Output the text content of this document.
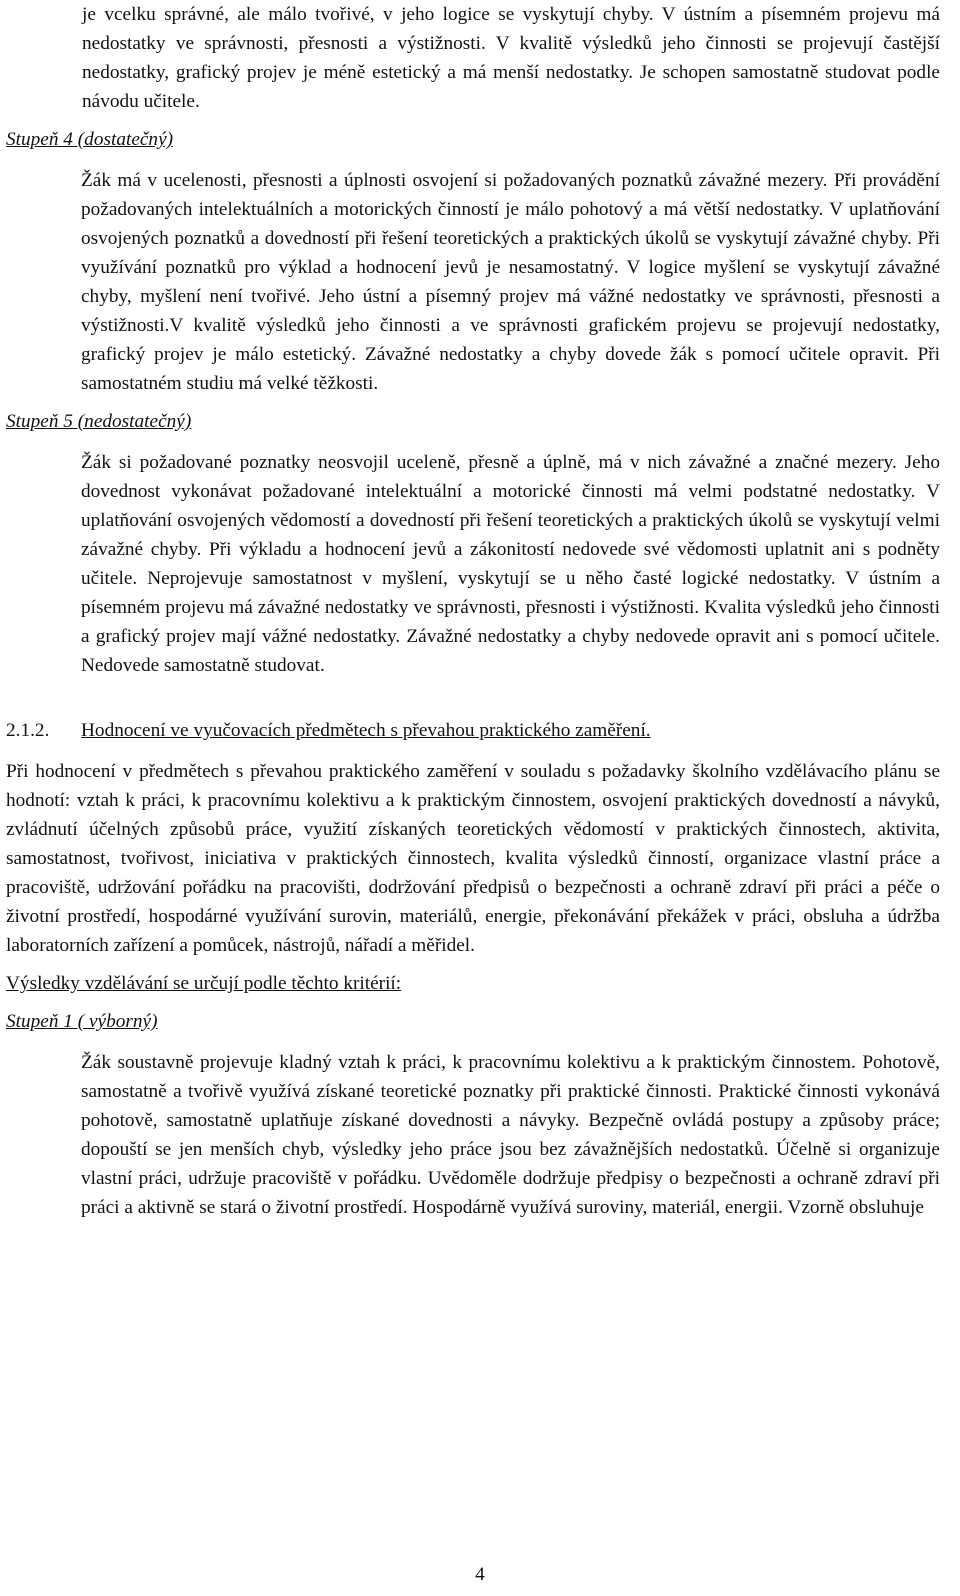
je vcelku správné, ale málo tvořivé, v jeho logice se vyskytují chyby. V ústním a písemném projevu má nedostatky ve správnosti, přesnosti a výstižnosti. V kvalitě výsledků jeho činnosti se projevují častější nedostatky, grafický projev je méně estetický a má menší nedostatky. Je schopen samostatně studovat podle návodu učitele.

Stupeň 4 (dostatečný)

Žák má v ucelenosti, přesnosti a úplnosti osvojení si požadovaných poznatků závažné mezery. Při provádění požadovaných intelektuálních a motorických činností je málo pohotový a má větší nedostatky. V uplatňování osvojených poznatků a dovedností při řešení teoretických a praktických úkolů se vyskytují závažné chyby. Při využívání poznatků pro výklad a hodnocení jevů je nesamostatný. V logice myšlení se vyskytují závažné chyby, myšlení není tvořivé. Jeho ústní a písemný projev má vážné nedostatky ve správnosti, přesnosti a výstižnosti.V kvalitě výsledků jeho činnosti a ve správnosti grafickém projevu se projevují nedostatky, grafický projev je málo estetický. Závažné nedostatky a chyby dovede žák s pomocí učitele opravit. Při samostatném studiu má velké těžkosti.

Stupeň 5 (nedostatečný)

Žák si požadované poznatky neosvojil uceleně, přesně a úplně, má v nich závažné a značné mezery. Jeho dovednost vykonávat požadované intelektuální a motorické činnosti má velmi podstatné nedostatky. V uplatňování osvojených vědomostí a dovedností při řešení teoretických a praktických úkolů se vyskytují velmi závažné chyby. Při výkladu a hodnocení jevů a zákonitostí nedovede své vědomosti uplatnit ani s podněty učitele. Neprojevuje samostatnost v myšlení, vyskytují se u něho časté logické nedostatky. V ústním a písemném projevu má závažné nedostatky ve správnosti, přesnosti i výstižnosti. Kvalita výsledků jeho činnosti a grafický projev mají vážné nedostatky. Závažné nedostatky a chyby nedovede opravit ani s pomocí učitele. Nedovede samostatně studovat.

2.1.2.	Hodnocení ve vyučovacích předmětech s převahou praktického zaměření.

Při hodnocení v předmětech s převahou praktického zaměření v souladu s požadavky školního vzdělávacího plánu se hodnotí: vztah k práci, k pracovnímu kolektivu a k praktickým činnostem, osvojení praktických dovedností a návyků, zvládnutí účelných způsobů práce, využití získaných teoretických vědomostí v praktických činnostech, aktivita, samostatnost, tvořivost, iniciativa v praktických činnostech, kvalita výsledků činností, organizace vlastní práce a pracoviště, udržování pořádku na pracovišti, dodržování předpisů o bezpečnosti a ochraně zdraví při práci a péče o životní prostředí, hospodárné využívání surovin, materiálů, energie, překonávání překážek v práci, obsluha a údržba laboratorních zařízení a pomůcek, nástrojů, nářadí a měřidel.

Výsledky vzdělávání se určují podle těchto kritérií:

Stupeň 1 ( výborný)

Žák soustavně projevuje kladný vztah k práci, k pracovnímu kolektivu a k praktickým činnostem. Pohotově, samostatně a tvořivě využívá získané teoretické poznatky při praktické činnosti. Praktické činnosti vykonává pohotově, samostatně uplatňuje získané dovednosti a návyky. Bezpečně ovládá postupy a způsoby práce; dopouští se jen menších chyb, výsledky jeho práce jsou bez závažnějších nedostatků. Účelně si organizuje vlastní práci, udržuje pracoviště v pořádku. Uvědoměle dodržuje předpisy o bezpečnosti a ochraně zdraví při práci a aktivně se stará o životní prostředí. Hospodárně využívá suroviny, materiál, energii. Vzorně obsluhuje

4
